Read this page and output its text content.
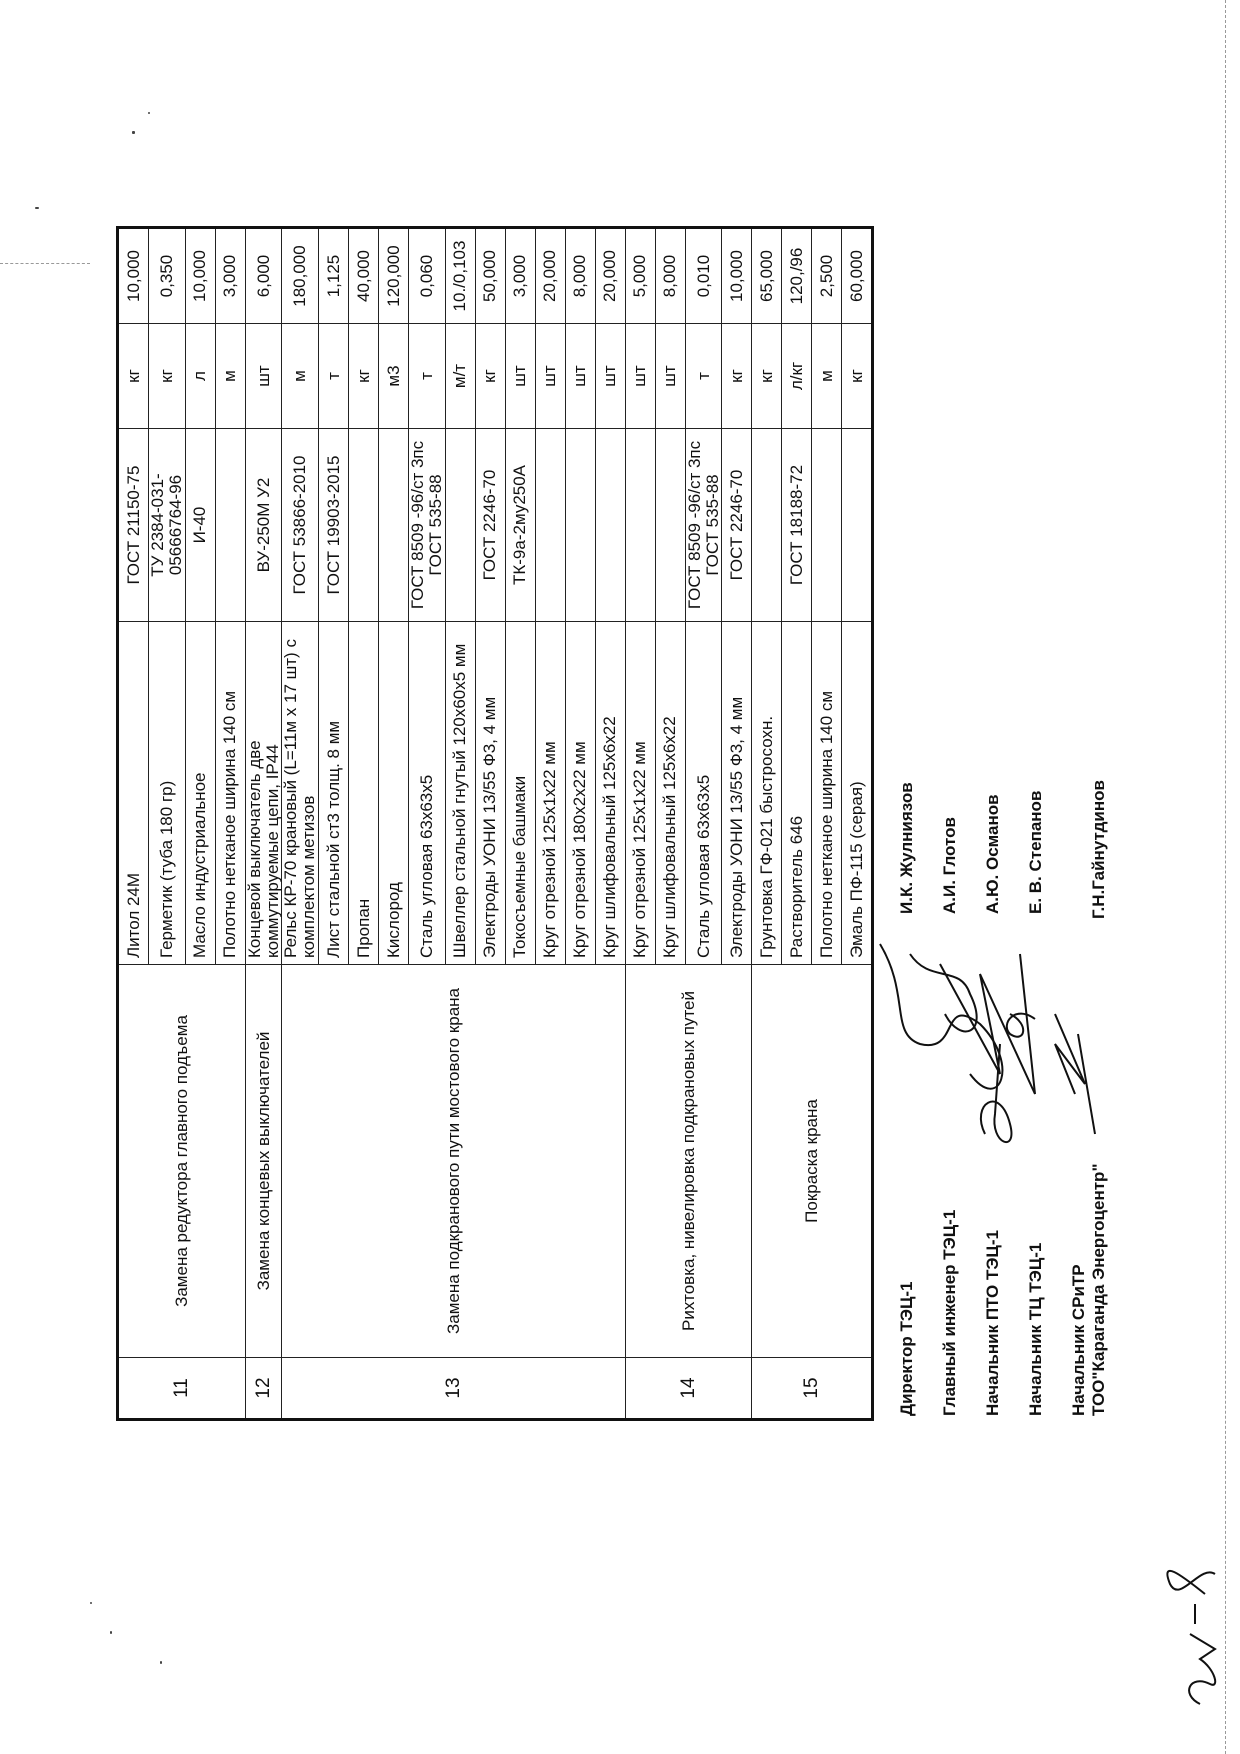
11	Замена редуктора главного подъема	Литол 24М	ГОСТ 21150-75	кг	10,000
		Герметик (туба 180 гр)	ТУ 2384-031-05666764-96	кг	0,350
		Масло индустриальное	И-40	л	10,000
		Полотно нетканое ширина 140 см		м	3,000
12	Замена концевых выключателей	Концевой выключатель две коммутируемые цепи, IP44	ВУ-250М У2	шт	6,000
13	Замена подкранового пути мостового крана	Рельс КР-70 крановый (L=11м х 17 шт) с комплектом метизов	ГОСТ 53866-2010	м	180,000
		Лист стальной ст3 толщ. 8 мм	ГОСТ 19903-2015	т	1,125
		Пропан		кг	40,000
		Кислород		м3	120,000
		Сталь угловая 63х63х5	ГОСТ 8509 -96/ст 3пс ГОСТ 535-88	т	0,060
		Швеллер стальной гнутый 120х60х5 мм		м/т	10./0,103
		Электроды УОНИ 13/55 Ф3, 4 мм	ГОСТ 2246-70	кг	50,000
		Токосъемные башмаки	ТК-9а-2му250А	шт	3,000
		Круг отрезной 125х1х22 мм		шт	20,000
		Круг отрезной 180х2х22 мм		шт	8,000
		Круг шлифовальный 125х6х22		шт	20,000
14	Рихтовка, нивелировка подкрановых путей	Круг отрезной 125х1х22 мм		шт	5,000
		Круг шлифовальный 125х6х22		шт	8,000
		Сталь угловая 63х63х5	ГОСТ 8509 -96/ст 3пс ГОСТ 535-88	т	0,010
		Электроды УОНИ 13/55 Ф3, 4 мм	ГОСТ 2246-70	кг	10,000
15	Покраска крана	Грунтовка ГФ-021 быстросохн.		кг	65,000
		Растворитель 646	ГОСТ 18188-72	л/кг	120,/96
		Полотно нетканое ширина 140 см		м	2,500
		Эмаль ПФ-115 (серая)		кг	60,000
Директор ТЭЦ-1 Главный инженер ТЭЦ-1 Начальник ПТО ТЭЦ-1 Начальник ТЦ ТЭЦ-1 Начальник СРиТР ТОО"Караганда Энергоцентр"
И.К. Жулниязов А.И. Глотов А.Ю. Османов Е. В. Степанов	Г.Н.Гайнутдинов
